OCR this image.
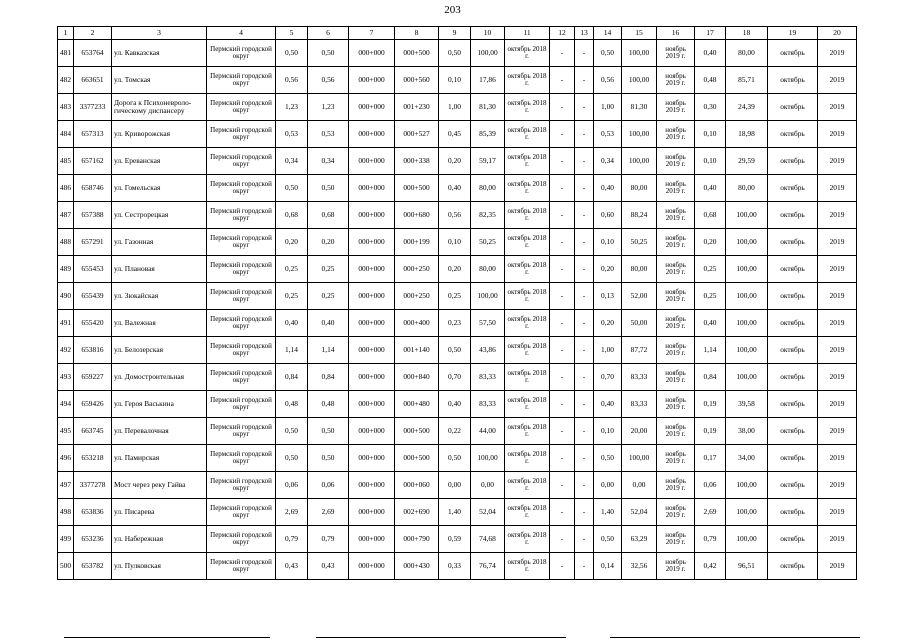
203
1	2	3	4	5	6	7	8	9	10	11	12	13	14	15	16	17	18	19	20
481	653764	ул. Кавказская	Пермский городской округ	0,50	0,50	000+000	000+500	0,50	100,00	октябрь 2018 г.	-	-	0,50	100,00	ноябрь 2019 г.	0,40	80,00	октябрь	2019
482	663651	ул. Томская	Пермский городской округ	0,56	0,56	000+000	000+560	0,10	17,86	октябрь 2018 г.	-	-	0,56	100,00	ноябрь 2019 г.	0,48	85,71	октябрь	2019
483	3377233	Дорога к Психоневроло- гическому диспансеру	Пермский городской округ	1,23	1,23	000+000	001+230	1,00	81,30	октябрь 2018 г.	-	-	1,00	81,30	ноябрь 2019 г.	0,30	24,39	октябрь	2019
484	657313	ул. Криворожская	Пермский городской округ	0,53	0,53	000+000	000+527	0,45	85,39	октябрь 2018 г.	-	-	0,53	100,00	ноябрь 2019 г.	0,10	18,98	октябрь	2019
485	657162	ул. Ереванская	Пермский городской округ	0,34	0,34	000+000	000+338	0,20	59,17	октябрь 2018 г.	-	-	0,34	100,00	ноябрь 2019 г.	0,10	29,59	октябрь	2019
486	658746	ул. Гомельская	Пермский городской округ	0,50	0,50	000+000	000+500	0,40	80,00	октябрь 2018 г.	-	-	0,40	80,00	ноябрь 2019 г.	0,40	80,00	октябрь	2019
487	657388	ул. Сестрорецкая	Пермский городской округ	0,68	0,68	000+000	000+680	0,56	82,35	октябрь 2018 г.	-	-	0,60	88,24	ноябрь 2019 г.	0,68	100,00	октябрь	2019
488	657291	ул. Газонная	Пермский городской округ	0,20	0,20	000+000	000+199	0,10	50,25	октябрь 2018 г.	-	-	0,10	50,25	ноябрь 2019 г.	0,20	100,00	октябрь	2019
489	655453	ул. Плановая	Пермский городской округ	0,25	0,25	000+000	000+250	0,20	80,00	октябрь 2018 г.	-	-	0,20	80,00	ноябрь 2019 г.	0,25	100,00	октябрь	2019
490	655439	ул. Зюкайская	Пермский городской округ	0,25	0,25	000+000	000+250	0,25	100,00	октябрь 2018 г.	-	-	0,13	52,00	ноябрь 2019 г.	0,25	100,00	октябрь	2019
491	655420	ул. Валежная	Пермский городской округ	0,40	0,40	000+000	000+400	0,23	57,50	октябрь 2018 г.	-	-	0,20	50,00	ноябрь 2019 г.	0,40	100,00	октябрь	2019
492	653816	ул. Белозерская	Пермский городской округ	1,14	1,14	000+000	001+140	0,50	43,86	октябрь 2018 г.	-	-	1,00	87,72	ноябрь 2019 г.	1,14	100,00	октябрь	2019
493	659227	ул. Домостроительная	Пермский городской округ	0,84	0,84	000+000	000+840	0,70	83,33	октябрь 2018 г.	-	-	0,70	83,33	ноябрь 2019 г.	0,84	100,00	октябрь	2019
494	659426	ул. Героя Васькина	Пермский городской округ	0,48	0,48	000+000	000+480	0,40	83,33	октябрь 2018 г.	-	-	0,40	83,33	ноябрь 2019 г.	0,19	39,58	октябрь	2019
495	663745	ул. Перевалочная	Пермский городской округ	0,50	0,50	000+000	000+500	0,22	44,00	октябрь 2018 г.	-	-	0,10	20,00	ноябрь 2019 г.	0,19	38,00	октябрь	2019
496	653218	ул. Памирская	Пермский городской округ	0,50	0,50	000+000	000+500	0,50	100,00	октябрь 2018 г.	-	-	0,50	100,00	ноябрь 2019 г.	0,17	34,00	октябрь	2019
497	3377278	Мост через реку Гайва	Пермский городской округ	0,06	0,06	000+000	000+060	0,00	0,00	октябрь 2018 г.	-	-	0,00	0,00	ноябрь 2019 г.	0,06	100,00	октябрь	2019
498	653836	ул. Писарева	Пермский городской округ	2,69	2,69	000+000	002+690	1,40	52,04	октябрь 2018 г.	-	-	1,40	52,04	ноябрь 2019 г.	2,69	100,00	октябрь	2019
499	653236	ул. Набережная	Пермский городской округ	0,79	0,79	000+000	000+790	0,59	74,68	октябрь 2018 г.	-	-	0,50	63,29	ноябрь 2019 г.	0,79	100,00	октябрь	2019
500	653782	ул. Пулковская	Пермский городской округ	0,43	0,43	000+000	000+430	0,33	76,74	октябрь 2018 г.	-	-	0,14	32,56	ноябрь 2019 г.	0,42	96,51	октябрь	2019
